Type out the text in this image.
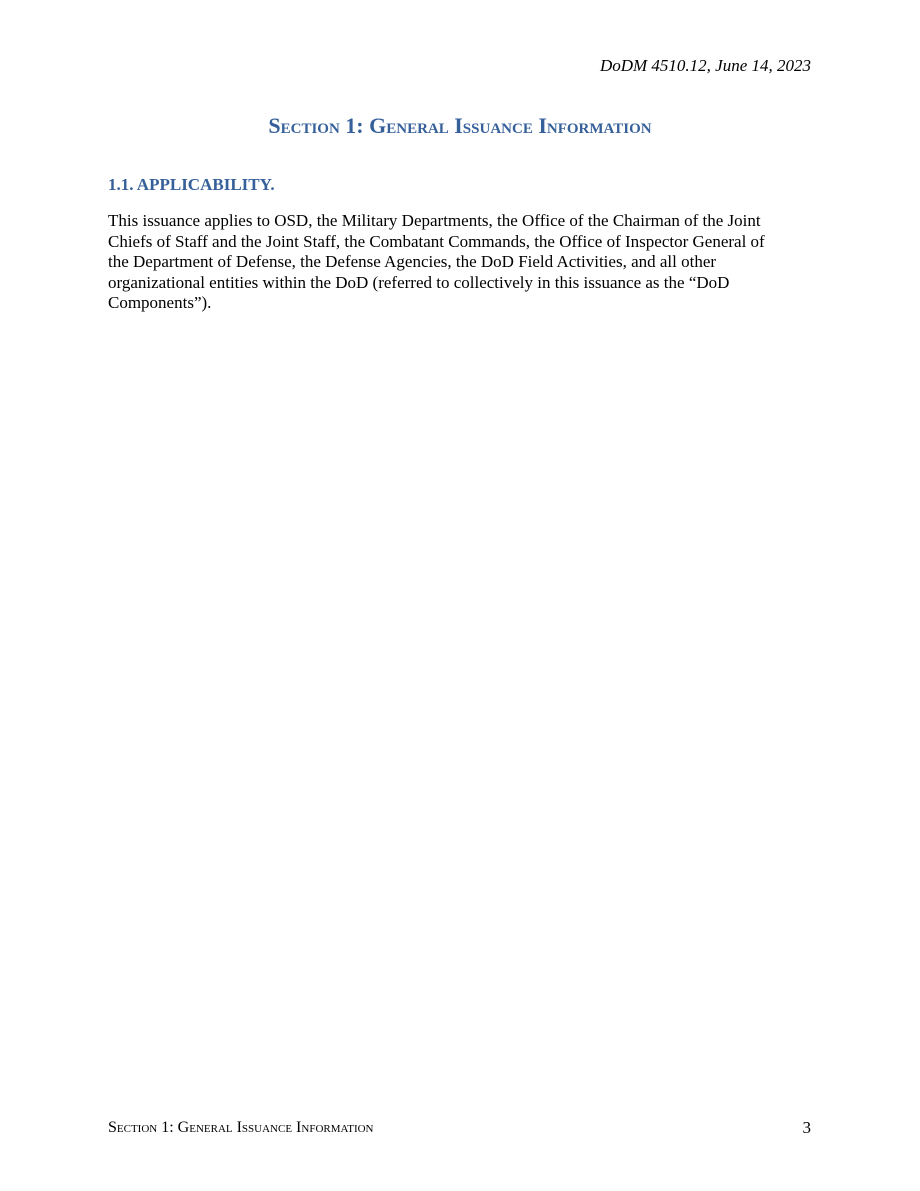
DoDM 4510.12, June 14, 2023
Section 1: General Issuance Information
1.1. APPLICABILITY.

This issuance applies to OSD, the Military Departments, the Office of the Chairman of the Joint

Chiefs of Staff and the Joint Staff, the Combatant Commands, the Office of Inspector General of

the Department of Defense, the Defense Agencies, the DoD Field Activities, and all other

organizational entities within the DoD (referred to collectively in this issuance as the “DoD

Components”).

Section 1: General Issuance Information	3
